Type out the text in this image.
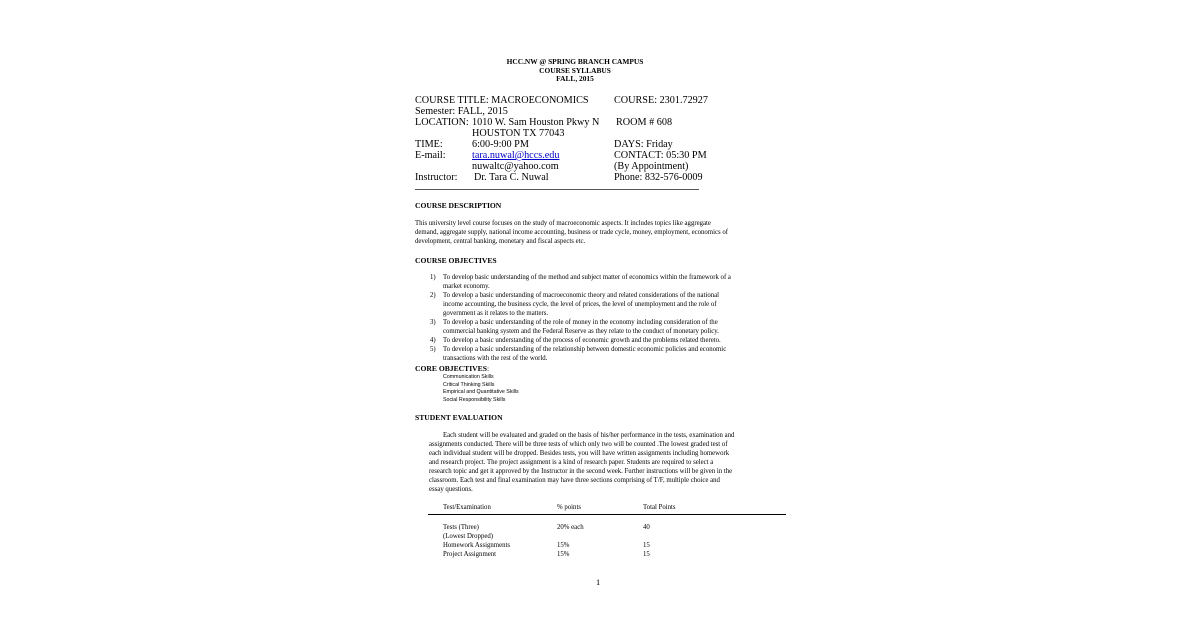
HCC.NW @ SPRING BRANCH CAMPUS
COURSE SYLLABUS
FALL, 2015
COURSE TITLE: MACROECONOMICS COURSE: 2301.72927
Semester: FALL, 2015
LOCATION: 1010 W. Sam Houston Pkwy N ROOM # 608
HOUSTON TX 77043
TIME:	6:00-9:00 PM	DAYS: Friday
E-mail:	tara.nuwal@hccs.edu	CONTACT: 05:30 PM
nuwaltc@yahoo.com	(By Appointment)
Instructor: Dr. Tara C. Nuwal	Phone: 832-576-0009
COURSE DESCRIPTION
This university level course focuses on the study of macroeconomic aspects. It includes topics like aggregate
demand, aggregate supply, national income accounting, business or trade cycle, money, employment, economics of
development, central banking, monetary and fiscal aspects etc.
COURSE OBJECTIVES
1) To develop basic understanding of the method and subject matter of economics within the framework of a
market economy.
2) To develop a basic understanding of macroeconomic theory and related considerations of the national
income accounting, the business cycle, the level of prices, the level of unemployment and the role of
government as it relates to the matters.
3) To develop a basic understanding of the role of money in the economy including consideration of the
commercial banking system and the Federal Reserve as they relate to the conduct of monetary policy.
4) To develop a basic understanding of the process of economic growth and the problems related thereto.
5) To develop a basic understanding of the relationship between domestic economic policies and economic
transactions with the rest of the world.
CORE OBJECTIVES:
Communication Skills
Critical Thinking Skills
Empirical and Quantitative Skills
Social Responsibility Skills
STUDENT EVALUATION
Each student will be evaluated and graded on the basis of his/her performance in the tests, examination and
assignments conducted. There will be three tests of which only two will be counted .The lowest graded test of
each individual student will be dropped. Besides tests, you will have written assignments including homework
and research project. The project assignment is a kind of research paper. Students are required to select a
research topic and get it approved by the Instructor in the second week. Further instructions will be given in the
classroom. Each test and final examination may have three sections comprising of T/F, multiple choice and
essay questions.
Test/Examination	% points	Total Points
Tests (Three)	20% each	40
(Lowest Dropped)
Homework Assignments	15%	15
Project Assignment	15%	15
1
